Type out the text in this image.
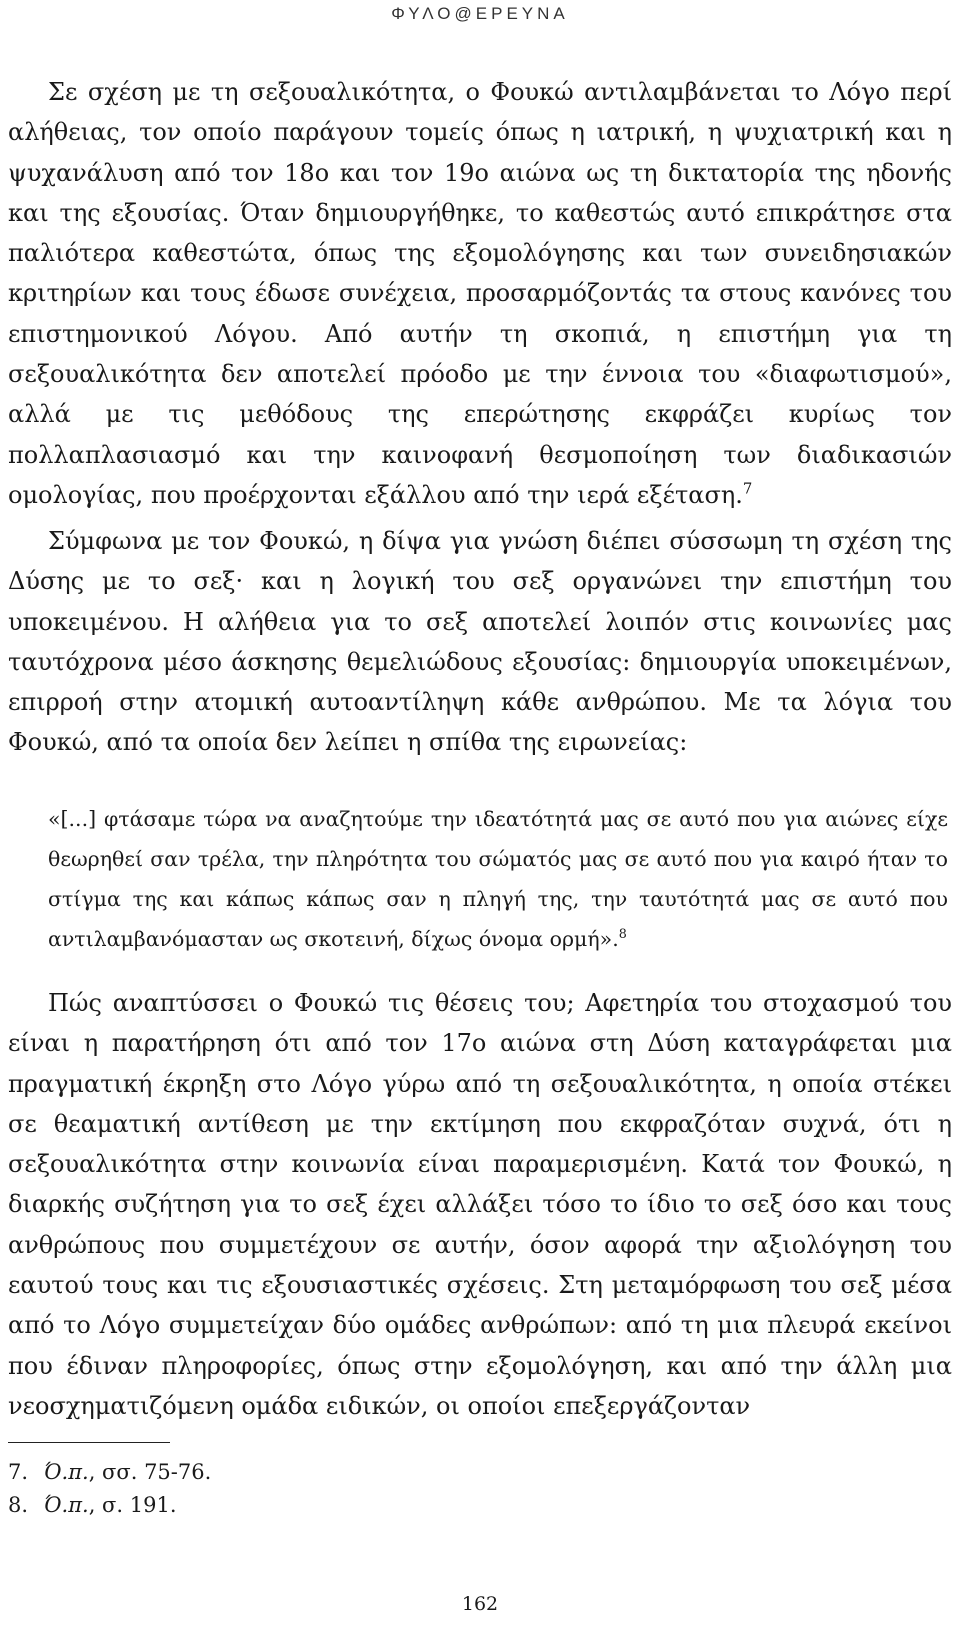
ΦΥΛΟ@ΕΡΕΥΝΑ

Σε σχέση με τη σεξουαλικότητα, ο Φουκώ αντιλαμβάνεται το Λόγο περί αλήθειας, τον οποίο παράγουν τομείς όπως η ιατρική, η ψυχιατρική και η ψυχανάλυση από τον 18ο και τον 19ο αιώνα ως τη δικτατορία της ηδονής και της εξουσίας. Όταν δημιουργήθηκε, το καθεστώς αυτό επικράτησε στα παλιότερα καθεστώτα, όπως της εξομολόγησης και των συνειδησιακών κριτηρίων και τους έδωσε συνέχεια, προσαρμόζοντάς τα στους κανόνες του επιστημονικού Λόγου. Από αυτήν τη σκοπιά, η επιστήμη για τη σεξουαλικότητα δεν αποτελεί πρόοδο με την έννοια του «διαφωτισμού», αλλά με τις μεθόδους της επερώτησης εκφράζει κυρίως τον πολλαπλασιασμό και την καινοφανή θεσμοποίηση των διαδικασιών ομολογίας, που προέρχονται εξάλλου από την ιερά εξέταση.$^7$

Σύμφωνα με τον Φουκώ, η δίψα για γνώση διέπει σύσσωμη τη σχέση της Δύσης με το σεξ· και η λογική του σεξ οργανώνει την επιστήμη του υποκειμένου. Η αλήθεια για το σεξ αποτελεί λοιπόν στις κοινωνίες μας ταυτόχρονα μέσο άσκησης θεμελιώδους εξουσίας: δημιουργία υποκειμένων, επιρροή στην ατομική αυτοαντίληψη κάθε ανθρώπου. Με τα λόγια του Φουκώ, από τα οποία δεν λείπει η σπίθα της ειρωνείας:

«[...] φτάσαμε τώρα να αναζητούμε την ιδεατότητά μας σε αυτό που για αιώνες είχε θεωρηθεί σαν τρέλα, την πληρότητα του σώματός μας σε αυτό που για καιρό ήταν το στίγμα της και κάπως κάπως σαν η πληγή της, την ταυτότητά μας σε αυτό που αντιλαμβανόμασταν ως σκοτεινή, δίχως όνομα ορμή».$^8$

Πώς αναπτύσσει ο Φουκώ τις θέσεις του; Αφετηρία του στοχασμού του είναι η παρατήρηση ότι από τον 17ο αιώνα στη Δύση καταγράφεται μια πραγματική έκρηξη στο Λόγο γύρω από τη σεξουαλικότητα, η οποία στέκει σε θεαματική αντίθεση με την εκτίμηση που εκφραζόταν συχνά, ότι η σεξουαλικότητα στην κοινωνία είναι παραμερισμένη. Κατά τον Φουκώ, η διαρκής συζήτηση για το σεξ έχει αλλάξει τόσο το ίδιο το σεξ όσο και τους ανθρώπους που συμμετέχουν σε αυτήν, όσον αφορά την αξιολόγηση του εαυτού τους και τις εξουσιαστικές σχέσεις. Στη μεταμόρφωση του σεξ μέσα από το Λόγο συμμετείχαν δύο ομάδες ανθρώπων: από τη μια πλευρά εκείνοι που έδιναν πληροφορίες, όπως στην εξομολόγηση, και από την άλλη μια νεοσχηματιζόμενη ομάδα ειδικών, οι οποίοι επεξεργάζονταν

7. Ό.π., σσ. 75-76.
8. Ό.π., σ. 191.
162
